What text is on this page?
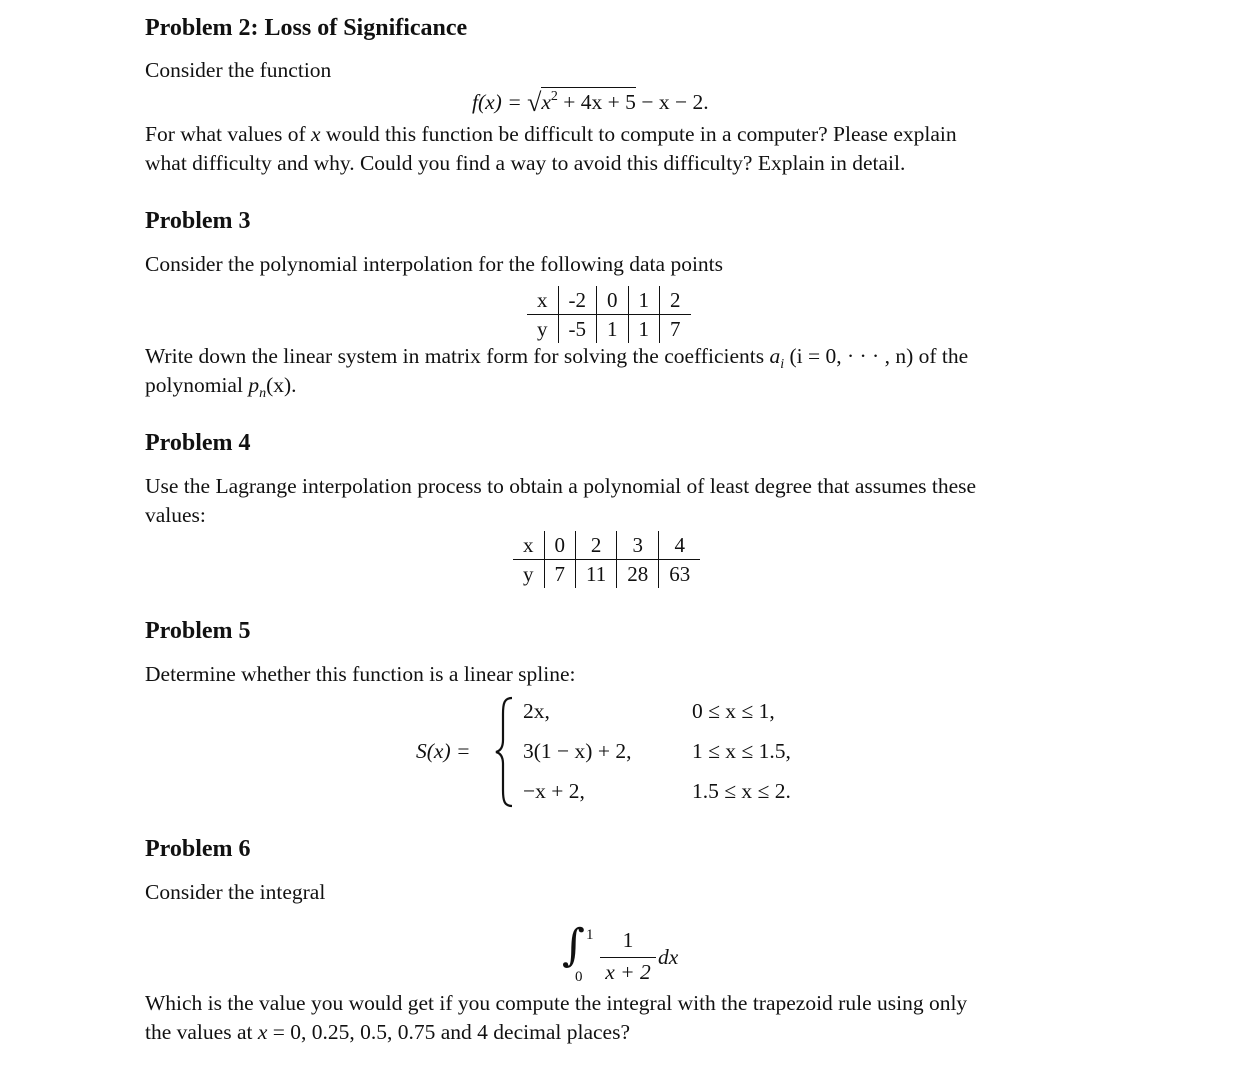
Problem 2: Loss of Significance
Consider the function
$f(x) = √x^2 + 4x + 5 - x - 2$.
For what values of x would this function be difficult to compute in a computer? Please explain
what difficulty and why. Could you find a way to avoid this difficulty? Explain in detail.
Problem 3
Consider the polynomial interpolation for the following data points
x	-2	0	1	2
y	-5	1	1	7
Write down the linear system in matrix form for solving the coefficients $a_i$ (i = 0, · · · , n) of the
polynomial $p_n(x)$.
Problem 4
Use the Lagrange interpolation process to obtain a polynomial of least degree that assumes these
values:
x	0	2	3	4
y	7	11	28	63
Problem 5
Determine whether this function is a linear spline:
S(x) =
2x,	0 ≤ x ≤ 1,
3(1 − x) + 2,	1 ≤ x ≤ 1.5,
−x + 2,	1.5 ≤ x ≤ 2.
Problem 6
Consider the integral
∫ 1
0
1
x + 2
dx
Which is the value you would get if you compute the integral with the trapezoid rule using only
the values at x = 0, 0.25, 0.5, 0.75 and 4 decimal places?
